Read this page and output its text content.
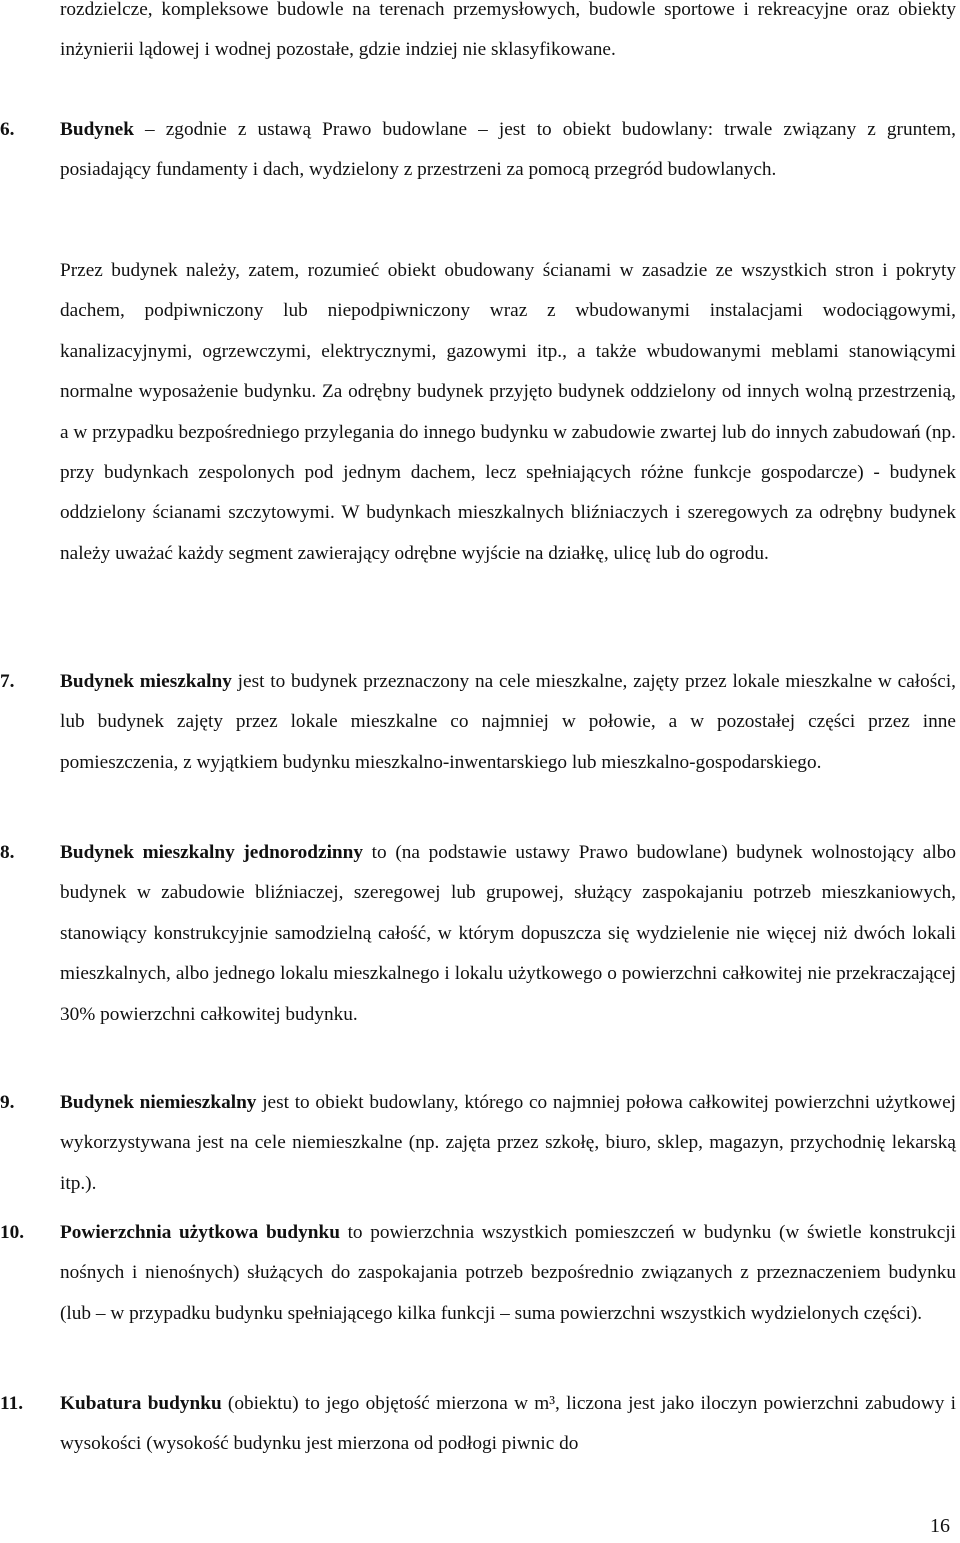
rozdzielcze, kompleksowe budowle na terenach przemysłowych, budowle sportowe i rekreacyjne oraz obiekty inżynierii lądowej i wodnej pozostałe, gdzie indziej nie sklasyfikowane.

6. Budynek – zgodnie z ustawą Prawo budowlane – jest to obiekt budowlany: trwale związany z gruntem, posiadający fundamenty i dach, wydzielony z przestrzeni za pomocą przegród budowlanych.

Przez budynek należy, zatem, rozumieć obiekt obudowany ścianami w zasadzie ze wszystkich stron i pokryty dachem, podpiwniczony lub niepodpiwniczony wraz z wbudowanymi instalacjami wodociągowymi, kanalizacyjnymi, ogrzewczymi, elektrycznymi, gazowymi itp., a także wbudowanymi meblami stanowiącymi normalne wyposażenie budynku. Za odrębny budynek przyjęto budynek oddzielony od innych wolną przestrzenią, a w przypadku bezpośredniego przylegania do innego budynku w zabudowie zwartej lub do innych zabudowań (np. przy budynkach zespolonych pod jednym dachem, lecz spełniających różne funkcje gospodarcze) - budynek oddzielony ścianami szczytowymi. W budynkach mieszkalnych bliźniaczych i szeregowych za odrębny budynek należy uważać każdy segment zawierający odrębne wyjście na działkę, ulicę lub do ogrodu.

7. Budynek mieszkalny jest to budynek przeznaczony na cele mieszkalne, zajęty przez lokale mieszkalne w całości, lub budynek zajęty przez lokale mieszkalne co najmniej w połowie, a w pozostałej części przez inne pomieszczenia, z wyjątkiem budynku mieszkalno-inwentarskiego lub mieszkalno-gospodarskiego.

8. Budynek mieszkalny jednorodzinny to (na podstawie ustawy Prawo budowlane) budynek wolnostojący albo budynek w zabudowie bliźniaczej, szeregowej lub grupowej, służący zaspokajaniu potrzeb mieszkaniowych, stanowiący konstrukcyjnie samodzielną całość, w którym dopuszcza się wydzielenie nie więcej niż dwóch lokali mieszkalnych, albo jednego lokalu mieszkalnego i lokalu użytkowego o powierzchni całkowitej nie przekraczającej 30% powierzchni całkowitej budynku.

9. Budynek niemieszkalny jest to obiekt budowlany, którego co najmniej połowa całkowitej powierzchni użytkowej wykorzystywana jest na cele niemieszkalne (np. zajęta przez szkołę, biuro, sklep, magazyn, przychodnię lekarską itp.).

10. Powierzchnia użytkowa budynku to powierzchnia wszystkich pomieszczeń w budynku (w świetle konstrukcji nośnych i nienośnych) służących do zaspokajania potrzeb bezpośrednio związanych z przeznaczeniem budynku (lub – w przypadku budynku spełniającego kilka funkcji – suma powierzchni wszystkich wydzielonych części).

11. Kubatura budynku (obiektu) to jego objętość mierzona w m³, liczona jest jako iloczyn powierzchni zabudowy i wysokości (wysokość budynku jest mierzona od podłogi piwnic do

16
